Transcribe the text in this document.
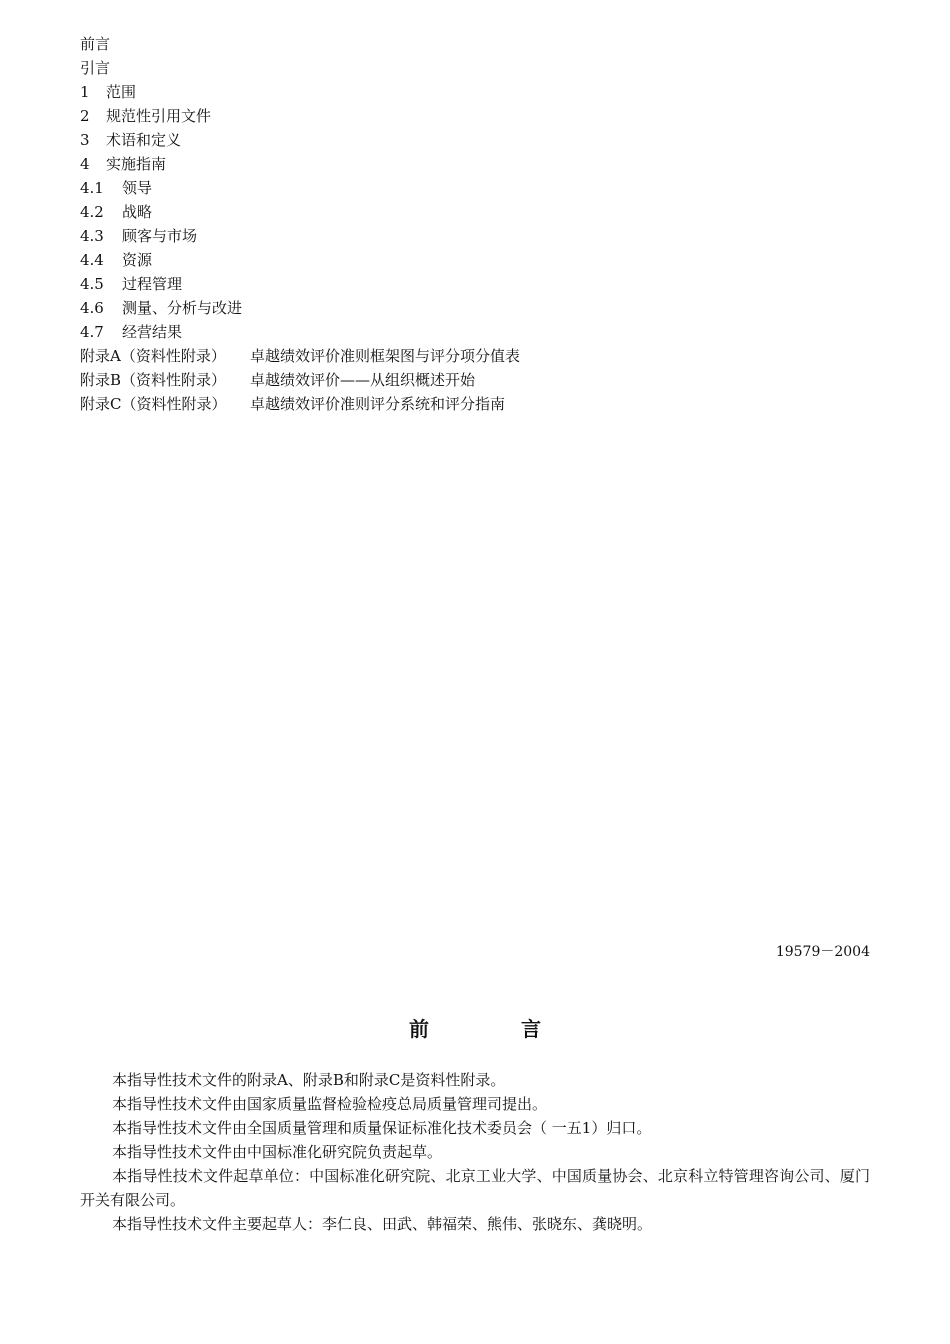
前言
引言
1	范围
2	规范性引用文件
3	术语和定义
4	实施指南
4.1	领导
4.2	战略
4.3	顾客与市场
4.4	资源
4.5	过程管理
4.6	测量、分析与改进
4.7	经营结果
附录A（资料性附录）	卓越绩效评价准则框架图与评分项分值表
附录B（资料性附录）	卓越绩效评价——从组织概述开始
附录C（资料性附录）	卓越绩效评价准则评分系统和评分指南
19579－2004
前	言

本指导性技术文件的附录A、附录B和附录C是资料性附录。

本指导性技术文件由国家质量监督检验检疫总局质量管理司提出。

本指导性技术文件由全国质量管理和质量保证标准化技术委员会（ 一五1）归口。

本指导性技术文件由中国标准化研究院负责起草。

本指导性技术文件起草单位：中国标准化研究院、北京工业大学、中国质量协会、北京科立特管理咨询公司、厦门开关有限公司。

本指导性技术文件主要起草人：李仁良、田武、韩福荣、熊伟、张晓东、龚晓明。
